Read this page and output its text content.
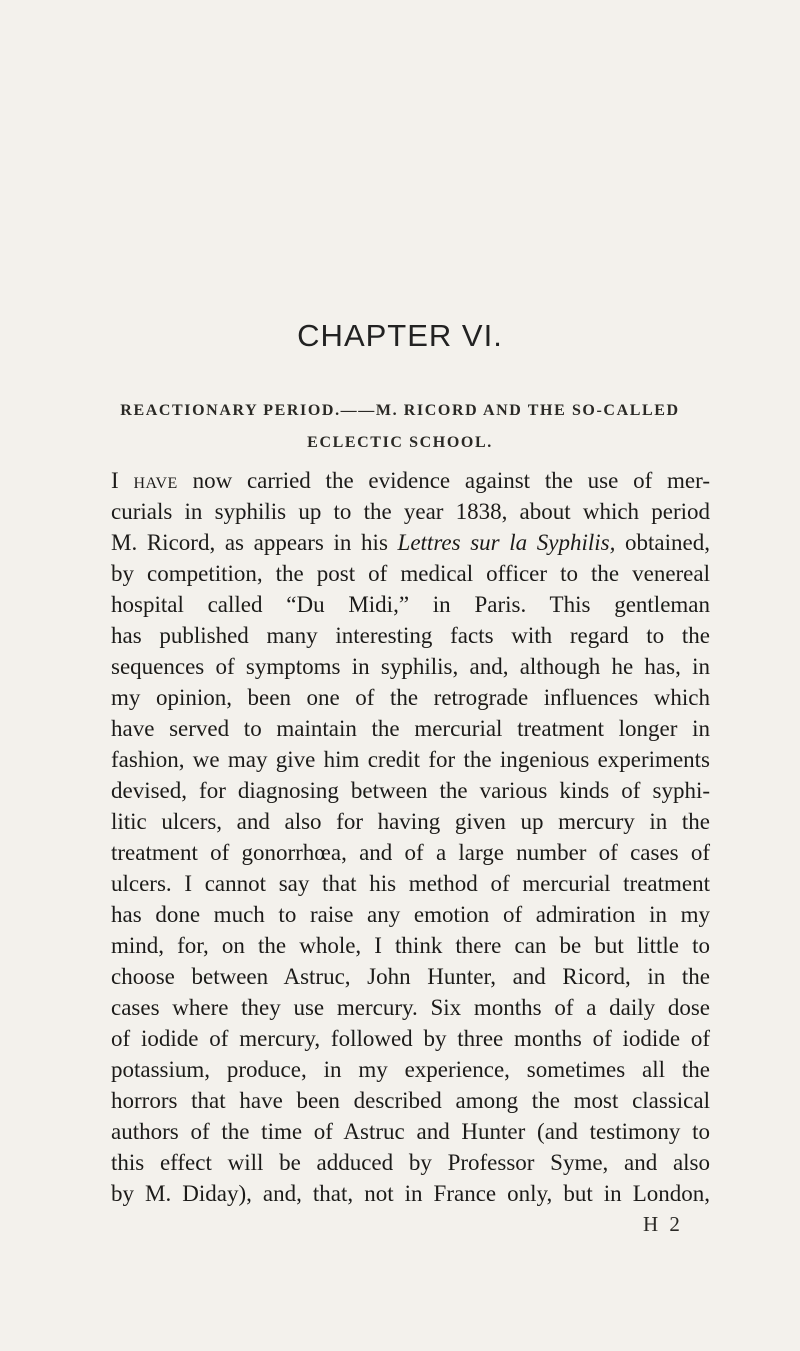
CHAPTER VI.
REACTIONARY PERIOD.——M. RICORD AND THE SO-CALLED
ECLECTIC SCHOOL.
I have now carried the evidence against the use of mer-
curials in syphilis up to the year 1838, about which period
M. Ricord, as appears in his Lettres sur la Syphilis, obtained,
by competition, the post of medical officer to the venereal
hospital called “Du Midi,” in Paris. This gentleman
has published many interesting facts with regard to the
sequences of symptoms in syphilis, and, although he has, in
my opinion, been one of the retrograde influences which
have served to maintain the mercurial treatment longer in
fashion, we may give him credit for the ingenious experiments
devised, for diagnosing between the various kinds of syphi-
litic ulcers, and also for having given up mercury in the
treatment of gonorrhœa, and of a large number of cases of
ulcers. I cannot say that his method of mercurial treatment
has done much to raise any emotion of admiration in my
mind, for, on the whole, I think there can be but little to
choose between Astruc, John Hunter, and Ricord, in the
cases where they use mercury. Six months of a daily dose
of iodide of mercury, followed by three months of iodide of
potassium, produce, in my experience, sometimes all the
horrors that have been described among the most classical
authors of the time of Astruc and Hunter (and testimony to
this effect will be adduced by Professor Syme, and also
by M. Diday), and, that, not in France only, but in London,
H 2
